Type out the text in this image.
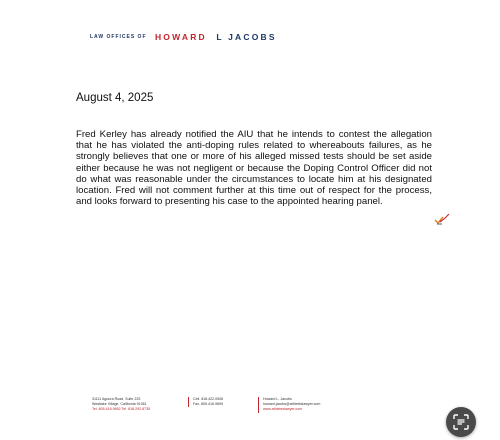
LAW OFFICES OF HOWARD L JACOBS
August 4, 2025

Fred Kerley has already notified the AIU that he intends to contest the allegation that he has violated the anti-doping rules related to whereabouts failures, as he strongly believes that one or more of his alleged missed tests should be set aside either because he was not negligent or because the Doping Control Officer did not do what was reasonable under the circumstances to locate him at his designated location. Fred will not comment further at this time out of respect for the process, and looks forward to presenting his case to the appointed hearing panel.

31111 Agoura Road, Suite 225
Westlake Village, California 91361
Tel. 805.418.9892 Tel. 818.292.8735
Cell. 818.422.0508
Fax. 805.418.9899
Howard L. Jacobs
howard.jacobs@athleteslawyer.com
www.athleteslawyer.com
